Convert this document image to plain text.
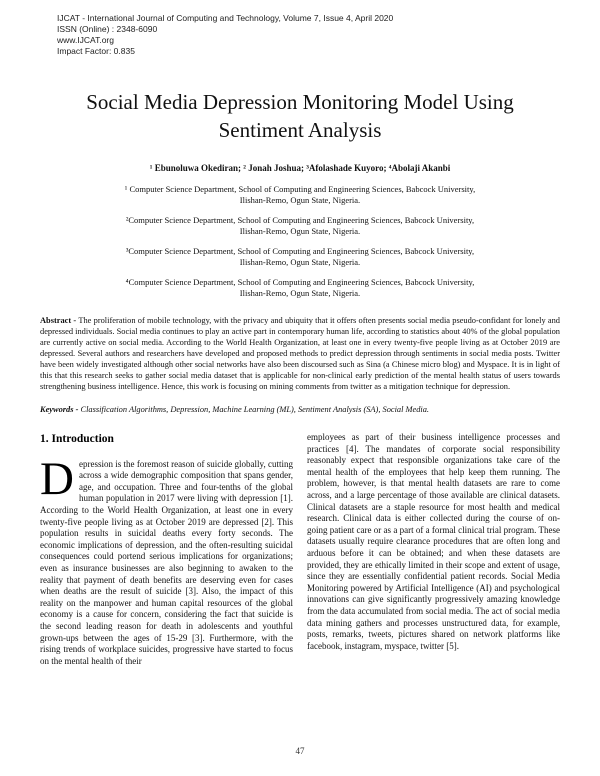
IJCAT - International Journal of Computing and Technology, Volume 7, Issue 4, April 2020
ISSN (Online) : 2348-6090
www.IJCAT.org
Impact Factor: 0.835
Social Media Depression Monitoring Model Using Sentiment Analysis
¹ Ebunoluwa Okediran; ² Jonah Joshua; ³Afolashade Kuyoro; ⁴Abolaji Akanbi
¹ Computer Science Department, School of Computing and Engineering Sciences, Babcock University,
Ilishan-Remo, Ogun State, Nigeria.
²Computer Science Department, School of Computing and Engineering Sciences, Babcock University,
Ilishan-Remo, Ogun State, Nigeria.
³Computer Science Department, School of Computing and Engineering Sciences, Babcock University,
Ilishan-Remo, Ogun State, Nigeria.
⁴Computer Science Department, School of Computing and Engineering Sciences, Babcock University,
Ilishan-Remo, Ogun State, Nigeria.

Abstract - The proliferation of mobile technology, with the privacy and ubiquity that it offers often presents social media pseudo-confidant for lonely and depressed individuals. Social media continues to play an active part in contemporary human life, according to statistics about 40% of the global population are currently active on social media. According to the World Health Organization, at least one in every twenty-five people living as at October 2019 are depressed. Several authors and researchers have developed and proposed methods to predict depression through sentiments in social media posts. Twitter have been widely investigated although other social networks have also been discoursed such as Sina (a Chinese micro blog) and Myspace. It is in light of this that this research seeks to gather social media dataset that is applicable for non-clinical early prediction of the mental health status of users towards strengthening business intelligence. Hence, this work is focusing on mining comments from twitter as a mitigation technique for depression.

Keywords - Classification Algorithms, Depression, Machine Learning (ML), Sentiment Analysis (SA), Social Media.

1. Introduction

Depression is the foremost reason of suicide globally, cutting across a wide demographic composition that spans gender, age, and occupation. Three and four-tenths of the global human population in 2017 were living with depression [1]. According to the World Health Organization, at least one in every twenty-five people living as at October 2019 are depressed [2]. This population results in suicidal deaths every forty seconds. The economic implications of depression, and the often-resulting suicidal consequences could portend serious implications for organizations; even as insurance businesses are also beginning to awaken to the reality that payment of death benefits are deserving even for cases when deaths are the result of suicide [3]. Also, the impact of this reality on the manpower and human capital resources of the global economy is a cause for concern, considering the fact that suicide is the second leading reason for death in adolescents and youthful grown-ups between the ages of 15-29 [3]. Furthermore, with the rising trends of workplace suicides, progressive have started to focus on the mental health of their

employees as part of their business intelligence processes and practices [4]. The mandates of corporate social responsibility reasonably expect that responsible organizations take care of the mental health of the employees that help keep them running. The problem, however, is that mental health datasets are rare to come across, and a large percentage of those available are clinical datasets. Clinical datasets are a staple resource for most health and medical research. Clinical data is either collected during the course of on-going patient care or as a part of a formal clinical trial program. These datasets usually require clearance procedures that are often long and arduous before it can be obtained; and when these datasets are provided, they are ethically limited in their scope and extent of usage, since they are essentially confidential patient records. Social Media Monitoring powered by Artificial Intelligence (AI) and psychological innovations can give significantly progressively amazing knowledge from the data accumulated from social media. The act of social media data mining gathers and processes unstructured data, for example, posts, remarks, tweets, pictures shared on network platforms like facebook, instagram, myspace, twitter [5].

47
